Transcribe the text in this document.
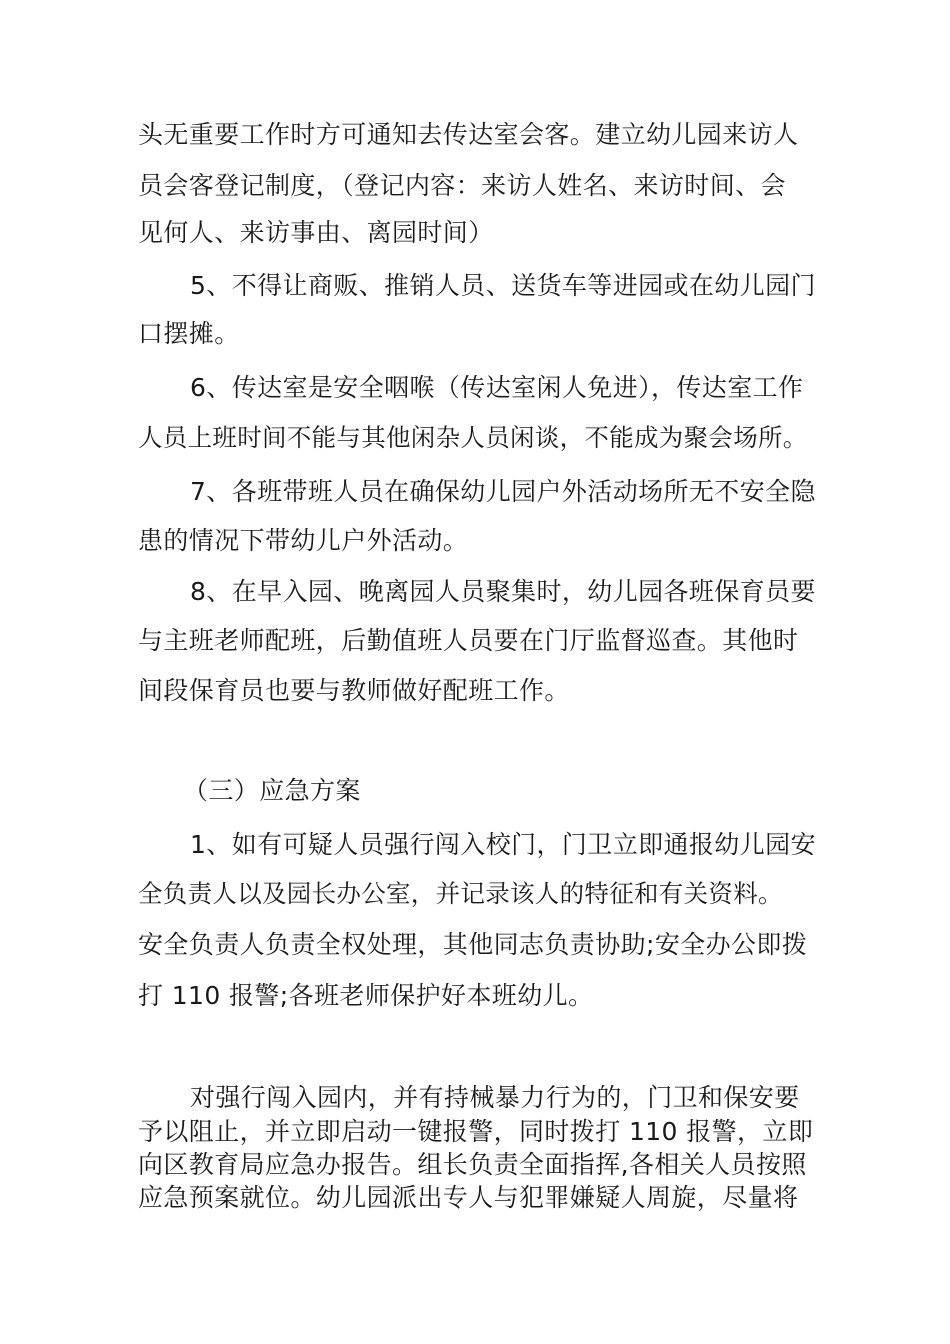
头无重要工作时方可通知去传达室会客。建立幼儿园来访人
员会客登记制度，（登记内容：来访人姓名、来访时间、会
见何人、来访事由、离园时间）
5、不得让商贩、推销人员、送货车等进园或在幼儿园门
口摆摊。
6、传达室是安全咽喉（传达室闲人免进），传达室工作
人员上班时间不能与其他闲杂人员闲谈，不能成为聚会场所。
7、各班带班人员在确保幼儿园户外活动场所无不安全隐
患的情况下带幼儿户外活动。
8、在早入园、晚离园人员聚集时，幼儿园各班保育员要
与主班老师配班，后勤值班人员要在门厅监督巡查。其他时
间段保育员也要与教师做好配班工作。
（三）应急方案
1、如有可疑人员强行闯入校门，门卫立即通报幼儿园安
全负责人以及园长办公室，并记录该人的特征和有关资料。
安全负责人负责全权处理，其他同志负责协助;安全办公即拨
打 110 报警;各班老师保护好本班幼儿。
对强行闯入园内，并有持械暴力行为的，门卫和保安要
予以阻止，并立即启动一键报警，同时拨打 110 报警，立即
向区教育局应急办报告。组长负责全面指挥,各相关人员按照
应急预案就位。幼儿园派出专人与犯罪嫌疑人周旋，尽量将
